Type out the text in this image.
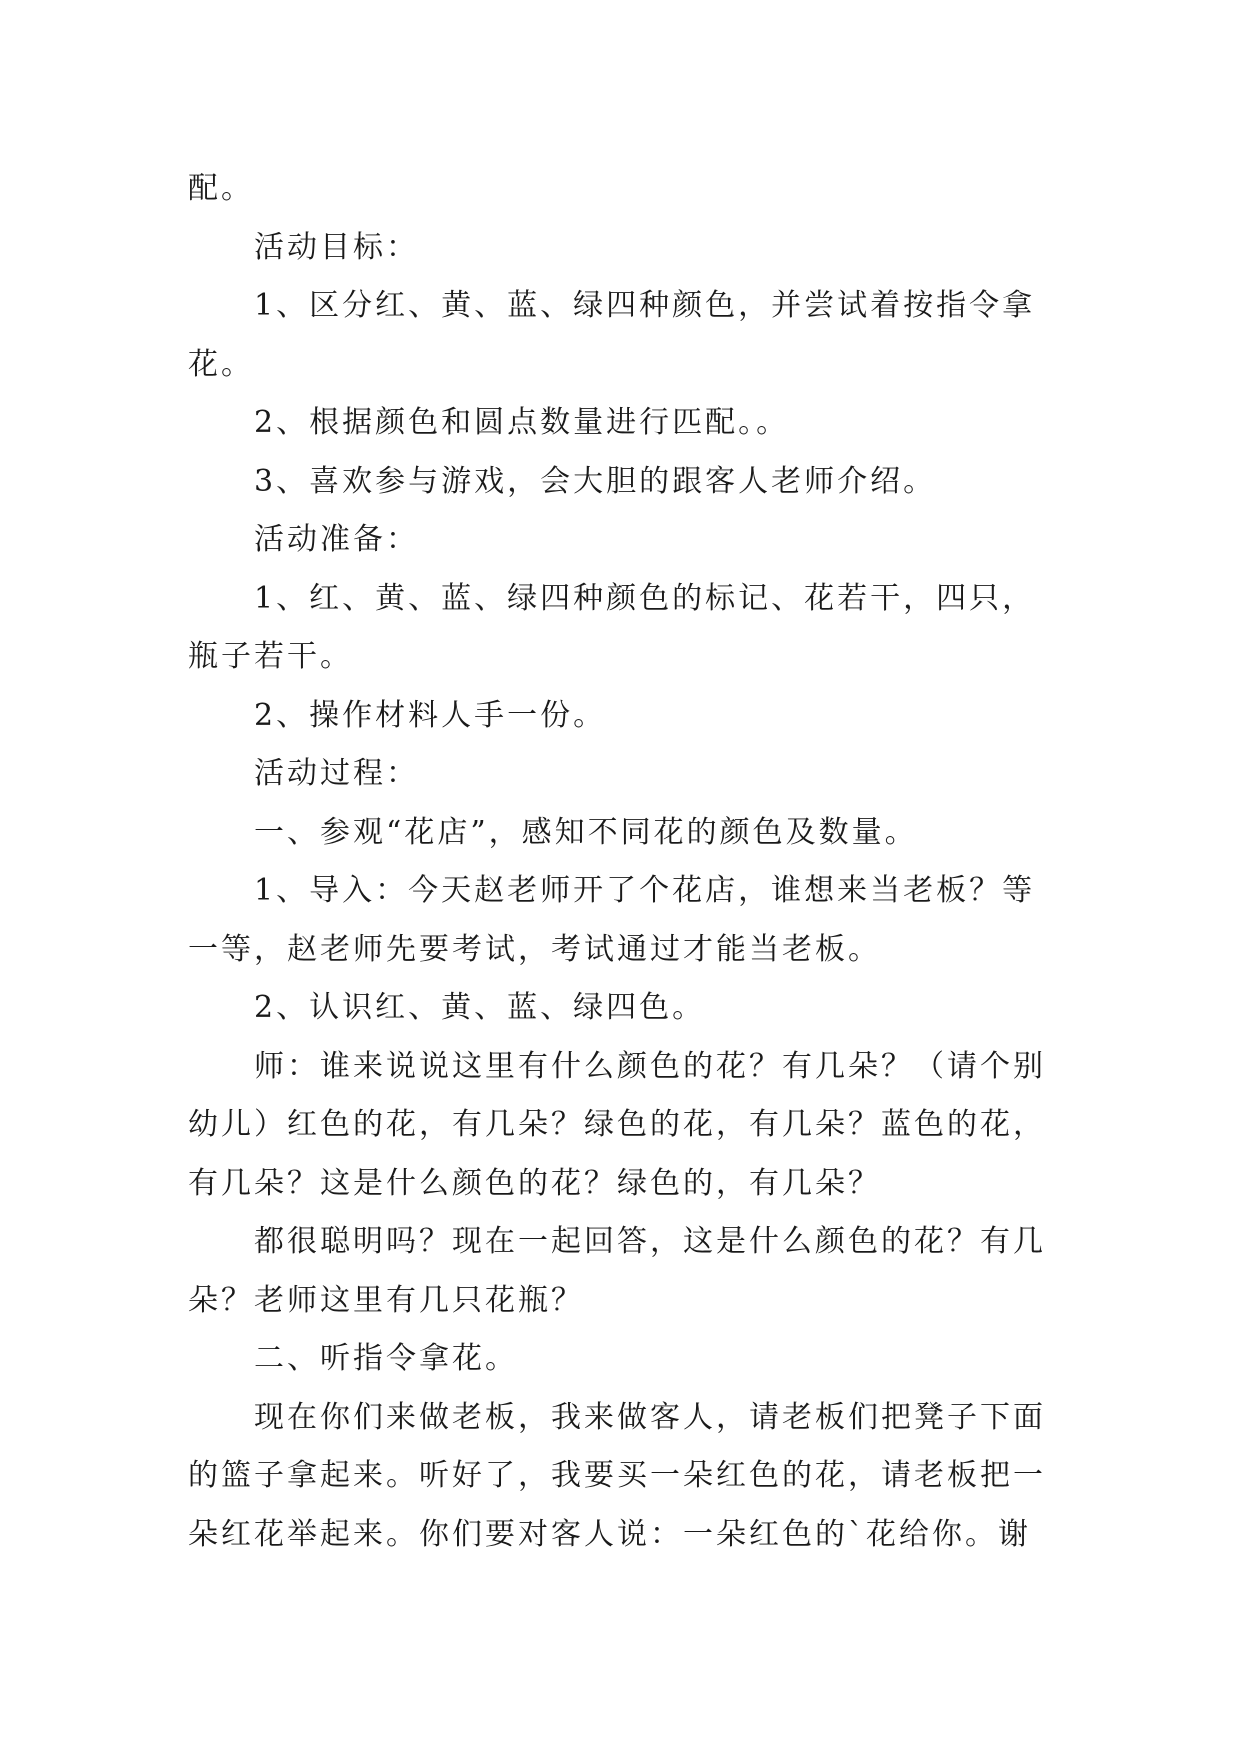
配。

活动目标：

1、区分红、黄、蓝、绿四种颜色，并尝试着按指令拿花。

2、根据颜色和圆点数量进行匹配。。

3、喜欢参与游戏，会大胆的跟客人老师介绍。

活动准备：

1、红、黄、蓝、绿四种颜色的标记、花若干，四只，瓶子若干。

2、操作材料人手一份。

活动过程：

一、参观“花店”，感知不同花的颜色及数量。

1、导入：今天赵老师开了个花店，谁想来当老板？等一等，赵老师先要考试，考试通过才能当老板。

2、认识红、黄、蓝、绿四色。

师：谁来说说这里有什么颜色的花？有几朵？（请个别幼儿）红色的花，有几朵？绿色的花，有几朵？蓝色的花，有几朵？这是什么颜色的花？绿色的，有几朵？

都很聪明吗？现在一起回答，这是什么颜色的花？有几朵？老师这里有几只花瓶？

二、听指令拿花。

现在你们来做老板，我来做客人，请老板们把凳子下面的篮子拿起来。听好了，我要买一朵红色的花，请老板把一朵红花举起来。你们要对客人说：一朵红色的`花给你。谢
